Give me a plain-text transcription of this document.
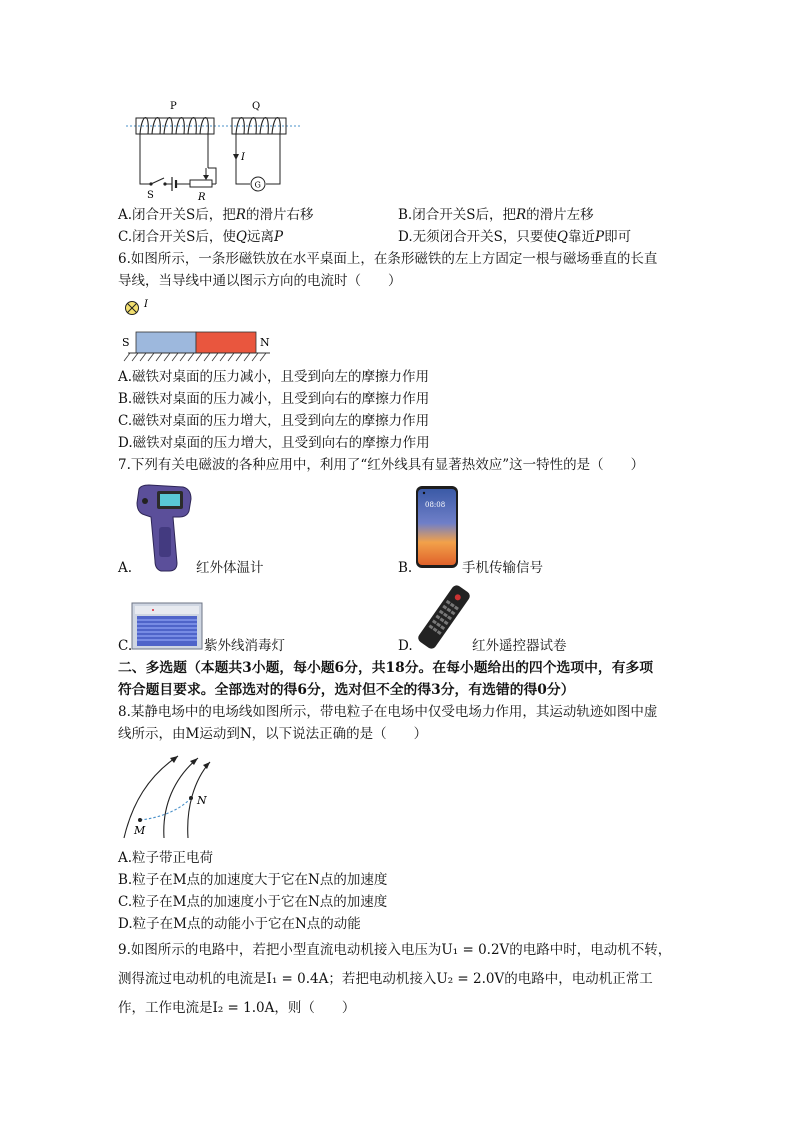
P
S	R
Q
I
G
A.闭合开关S后，把R的滑片右移	B.闭合开关S后，把R的滑片左移
C.闭合开关S后，使Q远离P	D.无须闭合开关S，只要使Q靠近P即可
6.如图所示，一条形磁铁放在水平桌面上，在条形磁铁的左上方固定一根与磁场垂直的长直
导线，当导线中通以图示方向的电流时（　　）
I
S	N
A.磁铁对桌面的压力减小，且受到向左的摩擦力作用
B.磁铁对桌面的压力减小，且受到向右的摩擦力作用
C.磁铁对桌面的压力增大，且受到向左的摩擦力作用
D.磁铁对桌面的压力增大，且受到向右的摩擦力作用
7.下列有关电磁波的各种应用中，利用了“红外线具有显著热效应”这一特性的是（　　）
A.	红外体温计
08:08
B.	手机传输信号
C.	紫外线消毒灯	D.	红外遥控器试卷
二、多选题（本题共3小题，每小题6分，共18分。在每小题给出的四个选项中，有多项
符合题目要求。全部选对的得6分，选对但不全的得3分，有选错的得0分）
8.某静电场中的电场线如图所示，带电粒子在电场中仅受电场力作用，其运动轨迹如图中虚
线所示，由M运动到N，以下说法正确的是（　　）
M
N
A.粒子带正电荷
B.粒子在M点的加速度大于它在N点的加速度
C.粒子在M点的加速度小于它在N点的加速度
D.粒子在M点的动能小于它在N点的动能
9.如图所示的电路中，若把小型直流电动机接入电压为U₁ = 0.2V的电路中时，电动机不转，
测得流过电动机的电流是I₁ = 0.4A；若把电动机接入U₂ = 2.0V的电路中，电动机正常工
作，工作电流是I₂ = 1.0A，则（　　）
